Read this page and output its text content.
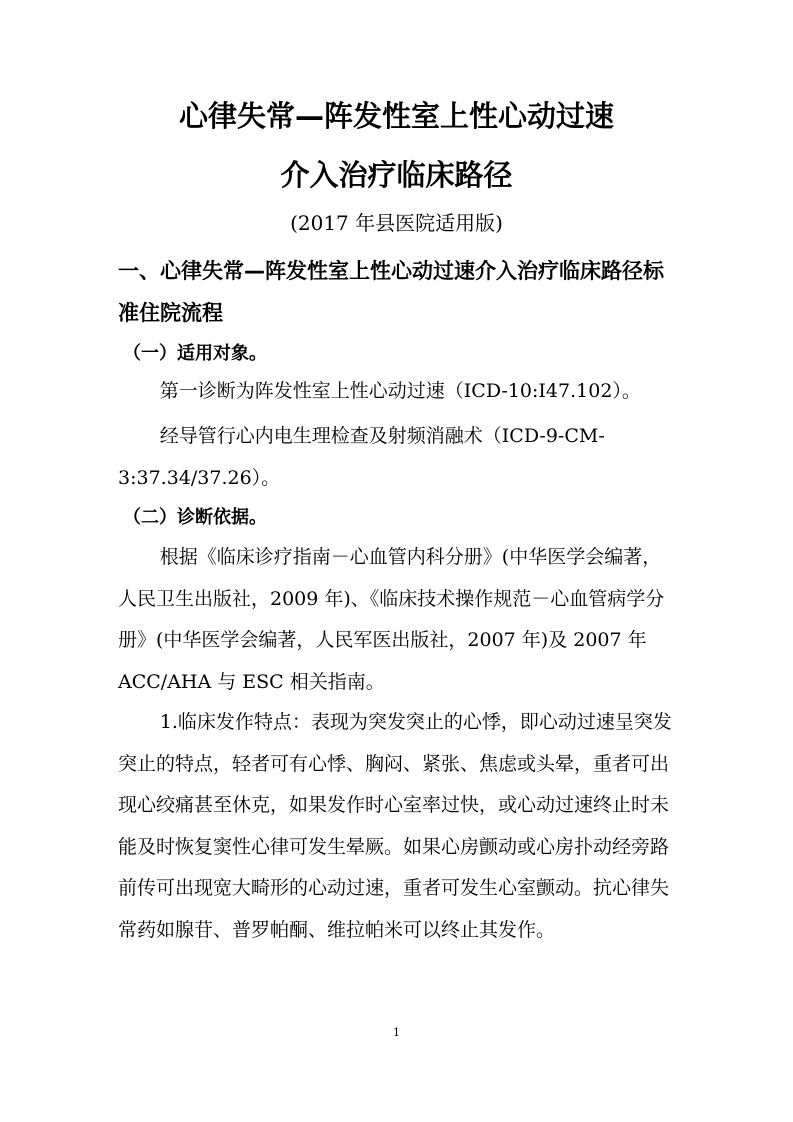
心律失常—阵发性室上性心动过速
介入治疗临床路径
(2017 年县医院适用版)
一、心律失常—阵发性室上性心动过速介入治疗临床路径标准住院流程
（一）适用对象。
第一诊断为阵发性室上性心动过速（ICD-10:I47.102）。
经导管行心内电生理检查及射频消融术（ICD-9-CM-3:37.34/37.26）。
（二）诊断依据。
根据《临床诊疗指南－心血管内科分册》(中华医学会编著，人民卫生出版社，2009 年)、《临床技术操作规范－心血管病学分册》(中华医学会编著，人民军医出版社，2007 年)及 2007 年 ACC/AHA 与 ESC 相关指南。
1.临床发作特点：表现为突发突止的心悸，即心动过速呈突发突止的特点，轻者可有心悸、胸闷、紧张、焦虑或头晕，重者可出现心绞痛甚至休克，如果发作时心室率过快，或心动过速终止时未能及时恢复窦性心律可发生晕厥。如果心房颤动或心房扑动经旁路前传可出现宽大畸形的心动过速，重者可发生心室颤动。抗心律失常药如腺苷、普罗帕酮、维拉帕米可以终止其发作。
1
